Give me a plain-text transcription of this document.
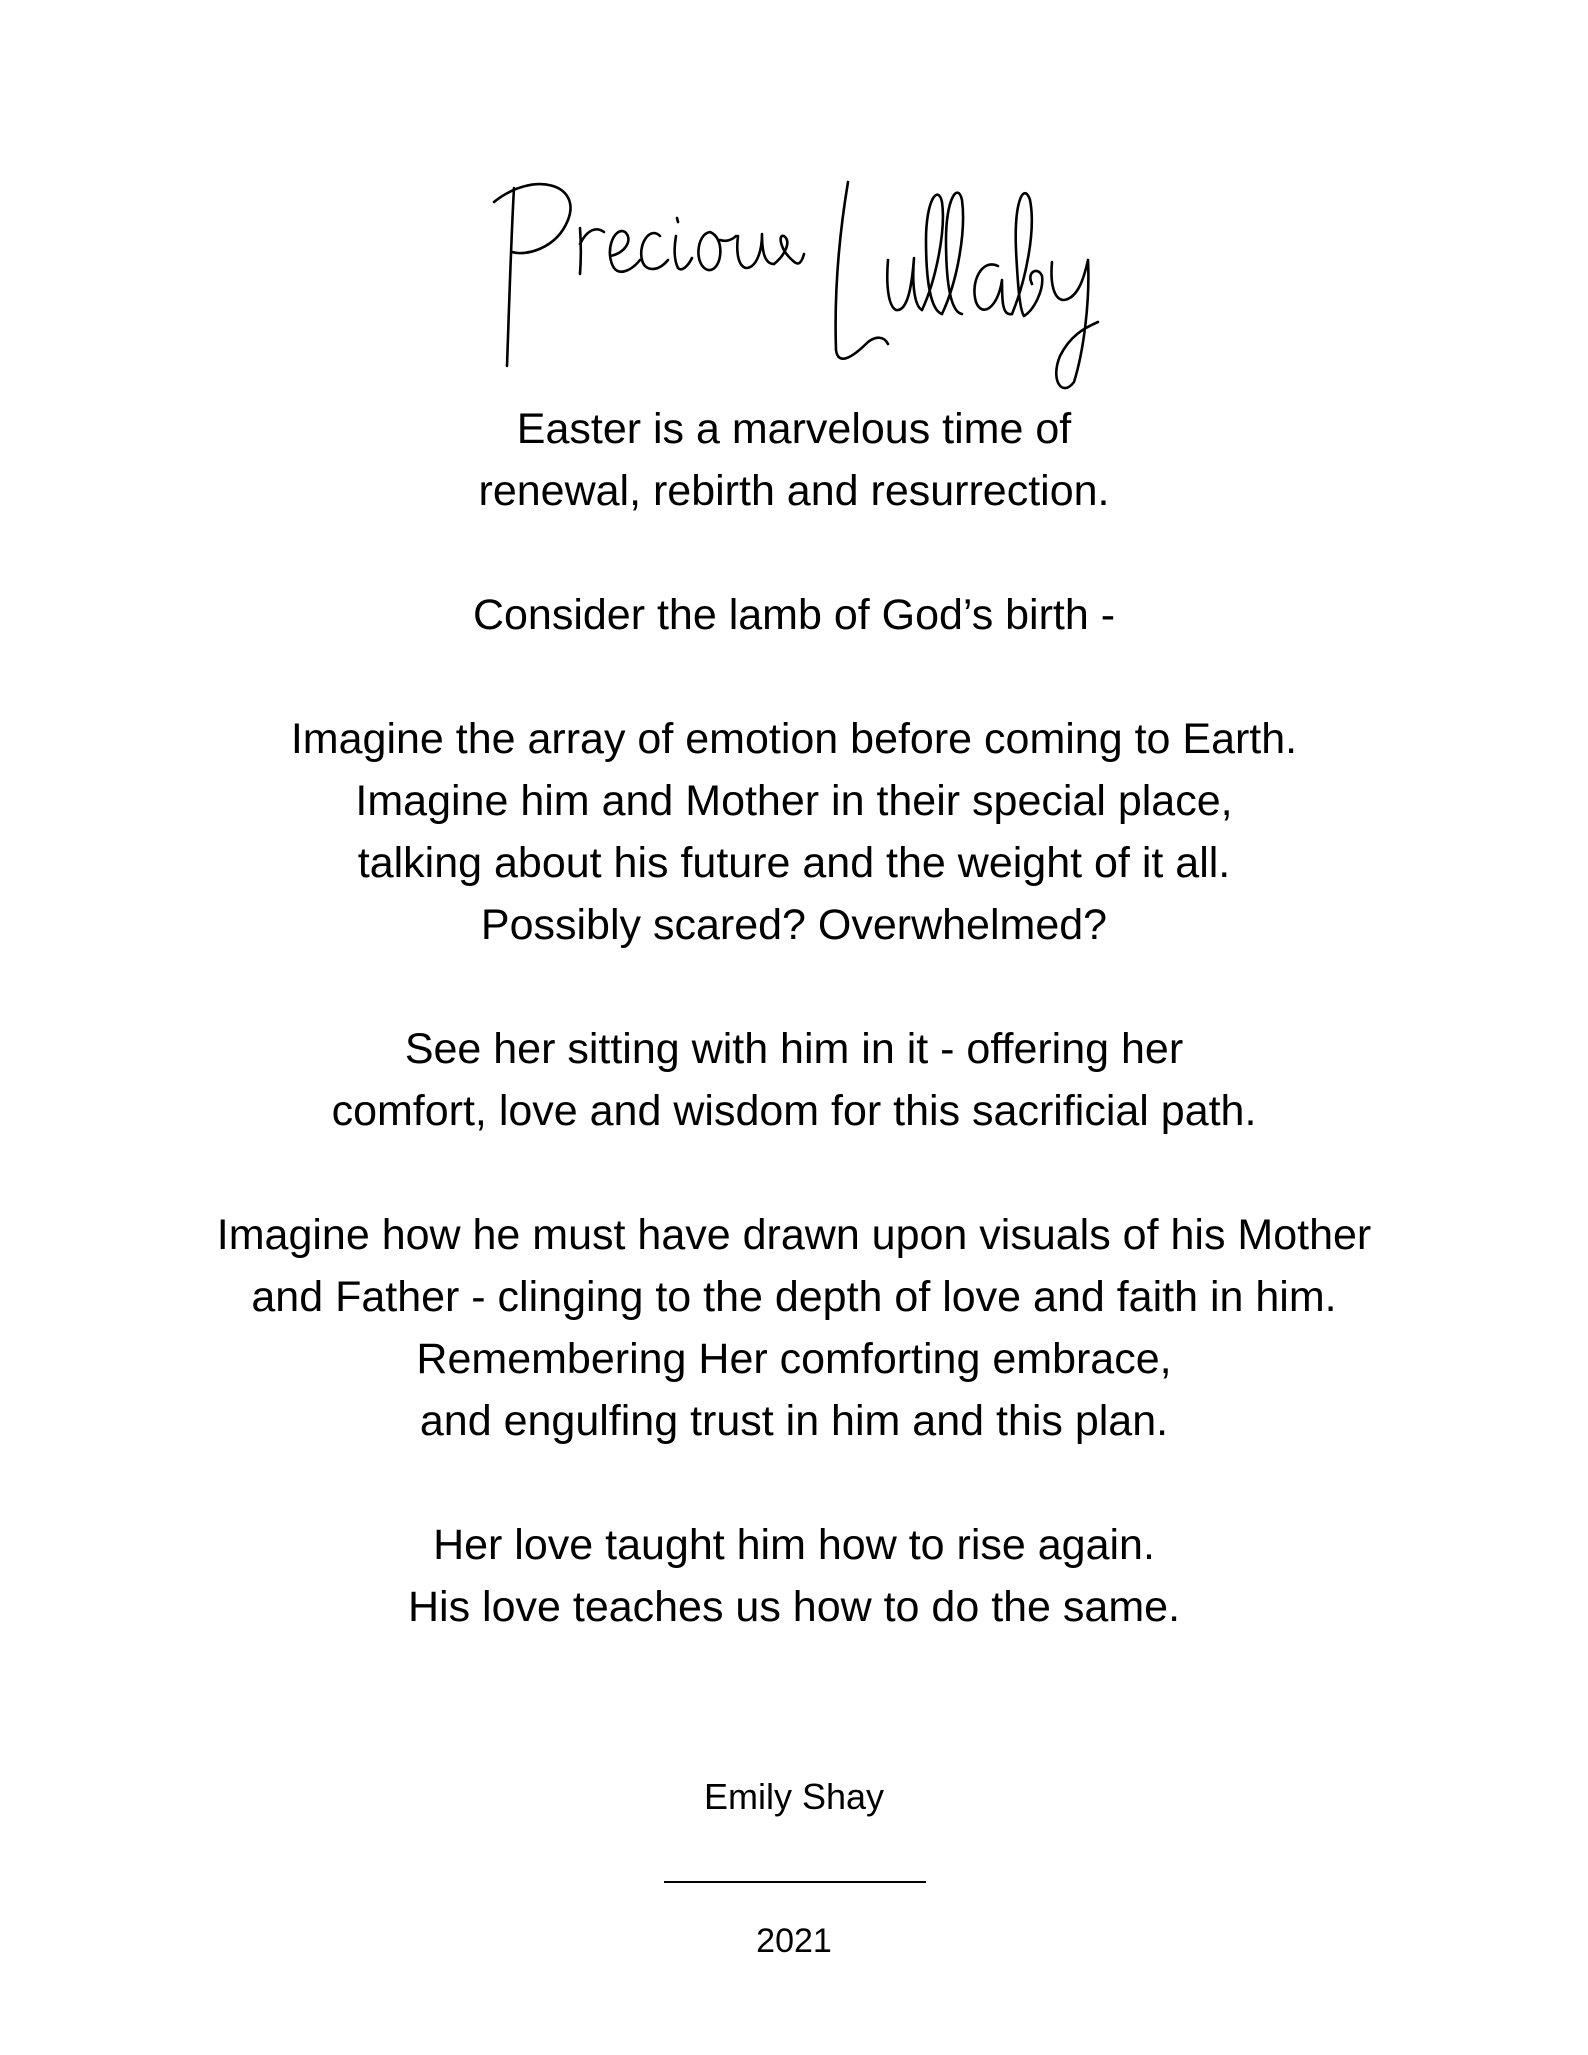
Easter is a marvelous time of
renewal, rebirth and resurrection.
Consider the lamb of God’s birth -
Imagine the array of emotion before coming to Earth.
Imagine him and Mother in their special place,
talking about his future and the weight of it all.
Possibly scared? Overwhelmed?
See her sitting with him in it - offering her
comfort, love and wisdom for this sacrificial path.
Imagine how he must have drawn upon visuals of his Mother
and Father - clinging to the depth of love and faith in him.
Remembering Her comforting embrace,
and engulfing trust in him and this plan.
Her love taught him how to rise again.
His love teaches us how to do the same.
Emily Shay
2021
